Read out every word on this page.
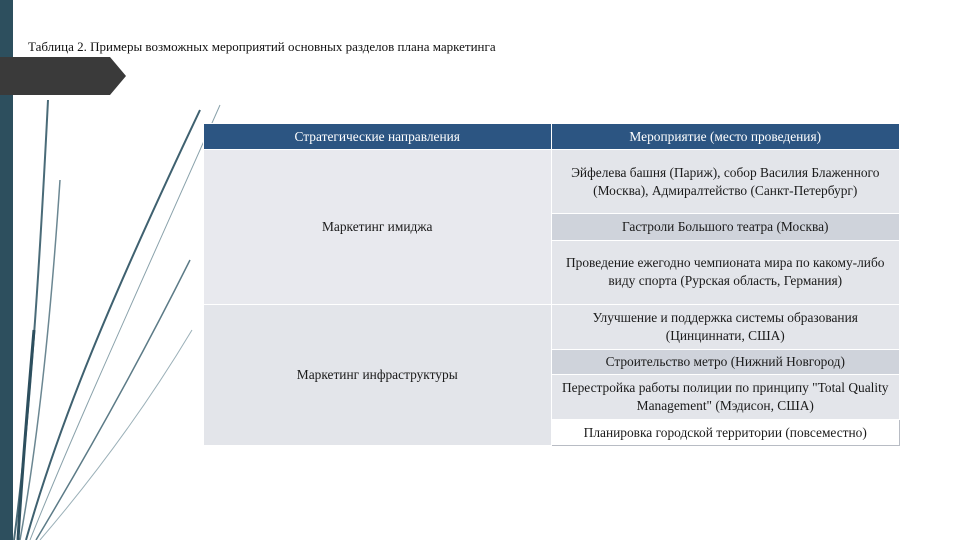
Таблица 2. Примеры возможных мероприятий основных разделов плана маркетинга
Стратегические направления	Мероприятие (место проведения)
Маркетинг имиджа	Эйфелева башня (Париж), собор Василия Блаженного (Москва), Адмиралтейство (Санкт-Петербург)
	Гастроли Большого театра (Москва)
	Проведение ежегодно чемпионата мира по какому-либо виду спорта (Рурская область, Германия)
Маркетинг инфраструктуры	Улучшение и поддержка системы образования (Цинциннати, США)
	Строительство метро (Нижний Новгород)
	Перестройка работы полиции по принципу "Total Quality Management" (Мэдисон, США)
	Планировка городской территории (повсеместно)
